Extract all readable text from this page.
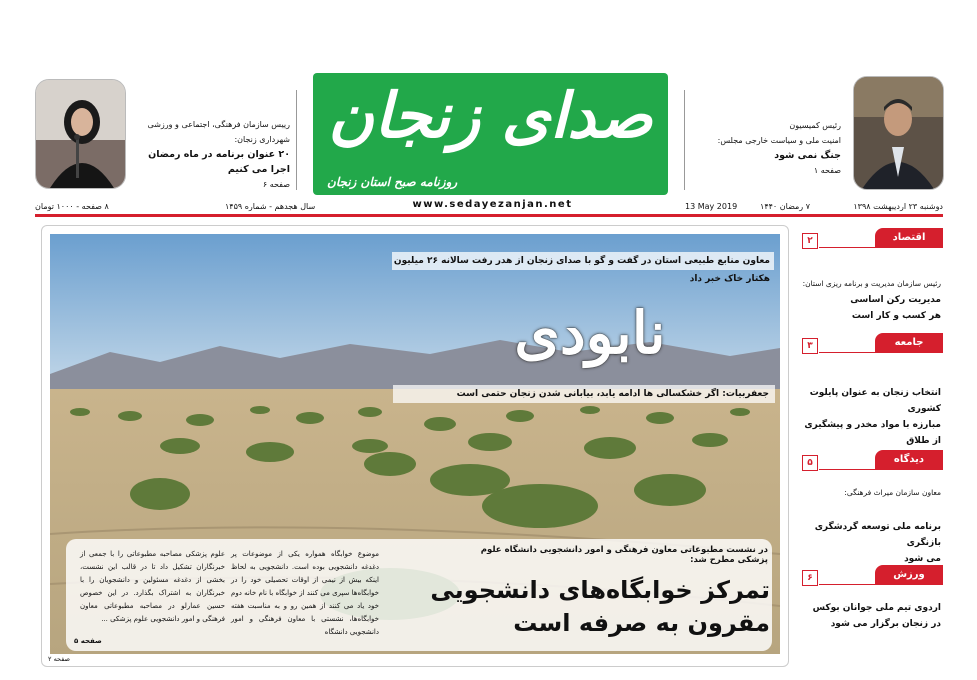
رییس سازمان فرهنگی، اجتماعی و ورزشی شهرداری زنجان:
۲۰ عنوان برنامه در ماه رمضان
اجرا می کنیم
صفحه ۶
صدای زنجان
روزنامه صبح استان زنجان
www.sedayezanjan.net
رئیس کمیسیون
امنیت ملی و سیاست خارجی مجلس:
جنگ نمی شود
صفحه ۱
دوشنبه ۲۳ اردیبهشت ۱۳۹۸
۷ رمضان ۱۴۴۰
13 May 2019
سال هجدهم - شماره ۱۴۵۹
۸ صفحه - ۱۰۰۰ تومان
معاون منابع طبیعی استان در گفت و گو با صدای زنجان از هدر رفت سالانه ۲۶ میلیون هکتار خاک خبر داد
نابودی
جعفربیات: اگر خشکسالی ها ادامه یابد، بیابانی شدن زنجان حتمی است
در نشست مطبوعاتی معاون فرهنگی و امور دانشجویی دانشگاه علوم پزشکی مطرح شد:
تمرکز خوابگاه‌های دانشجویی
مقرون به صرفه است
موضوع خوابگاه همواره یکی از موضوعات پر دغدغه دانشجویی بوده است. دانشجویی به لحاظ اینکه بیش از نیمی از اوقات تحصیلی خود را در خوابگاه‌ها سپری می کنند از خوابگاه با نام خانه دوم خود یاد می کنند از همین رو و به مناسبت هفته خوابگاه‌ها، نشستی با معاون فرهنگی و امور دانشجویی دانشگاه
علوم پزشکی مصاحبه مطبوعاتی را با جمعی از خبرنگاران تشکیل داد تا در قالب این نشست، بخشی از دغدغه مسئولین و دانشجویان را با خبرنگاران به اشتراک بگذارد. در این خصوص حسین عمارلو در مصاحبه مطبوعاتی معاون فرهنگی و امور دانشجویی علوم پزشکی ...
صفحه ۵
صفحه ۲
۲	اقتصاد
رئیس سازمان مدیریت و برنامه ریزی استان:
مدیریت رکن اساسی
هر کسب و کار است
۳	جامعه
انتخاب زنجان به عنوان پایلوت کشوری
مبارزه با مواد مخدر و پیشگیری از طلاق
۵	دیدگاه
معاون سازمان میراث فرهنگی:
برنامه ملی توسعه گردشگری بازنگری
می شود
۶	ورزش
اردوی تیم ملی جوانان بوکس
در زنجان برگزار می شود
